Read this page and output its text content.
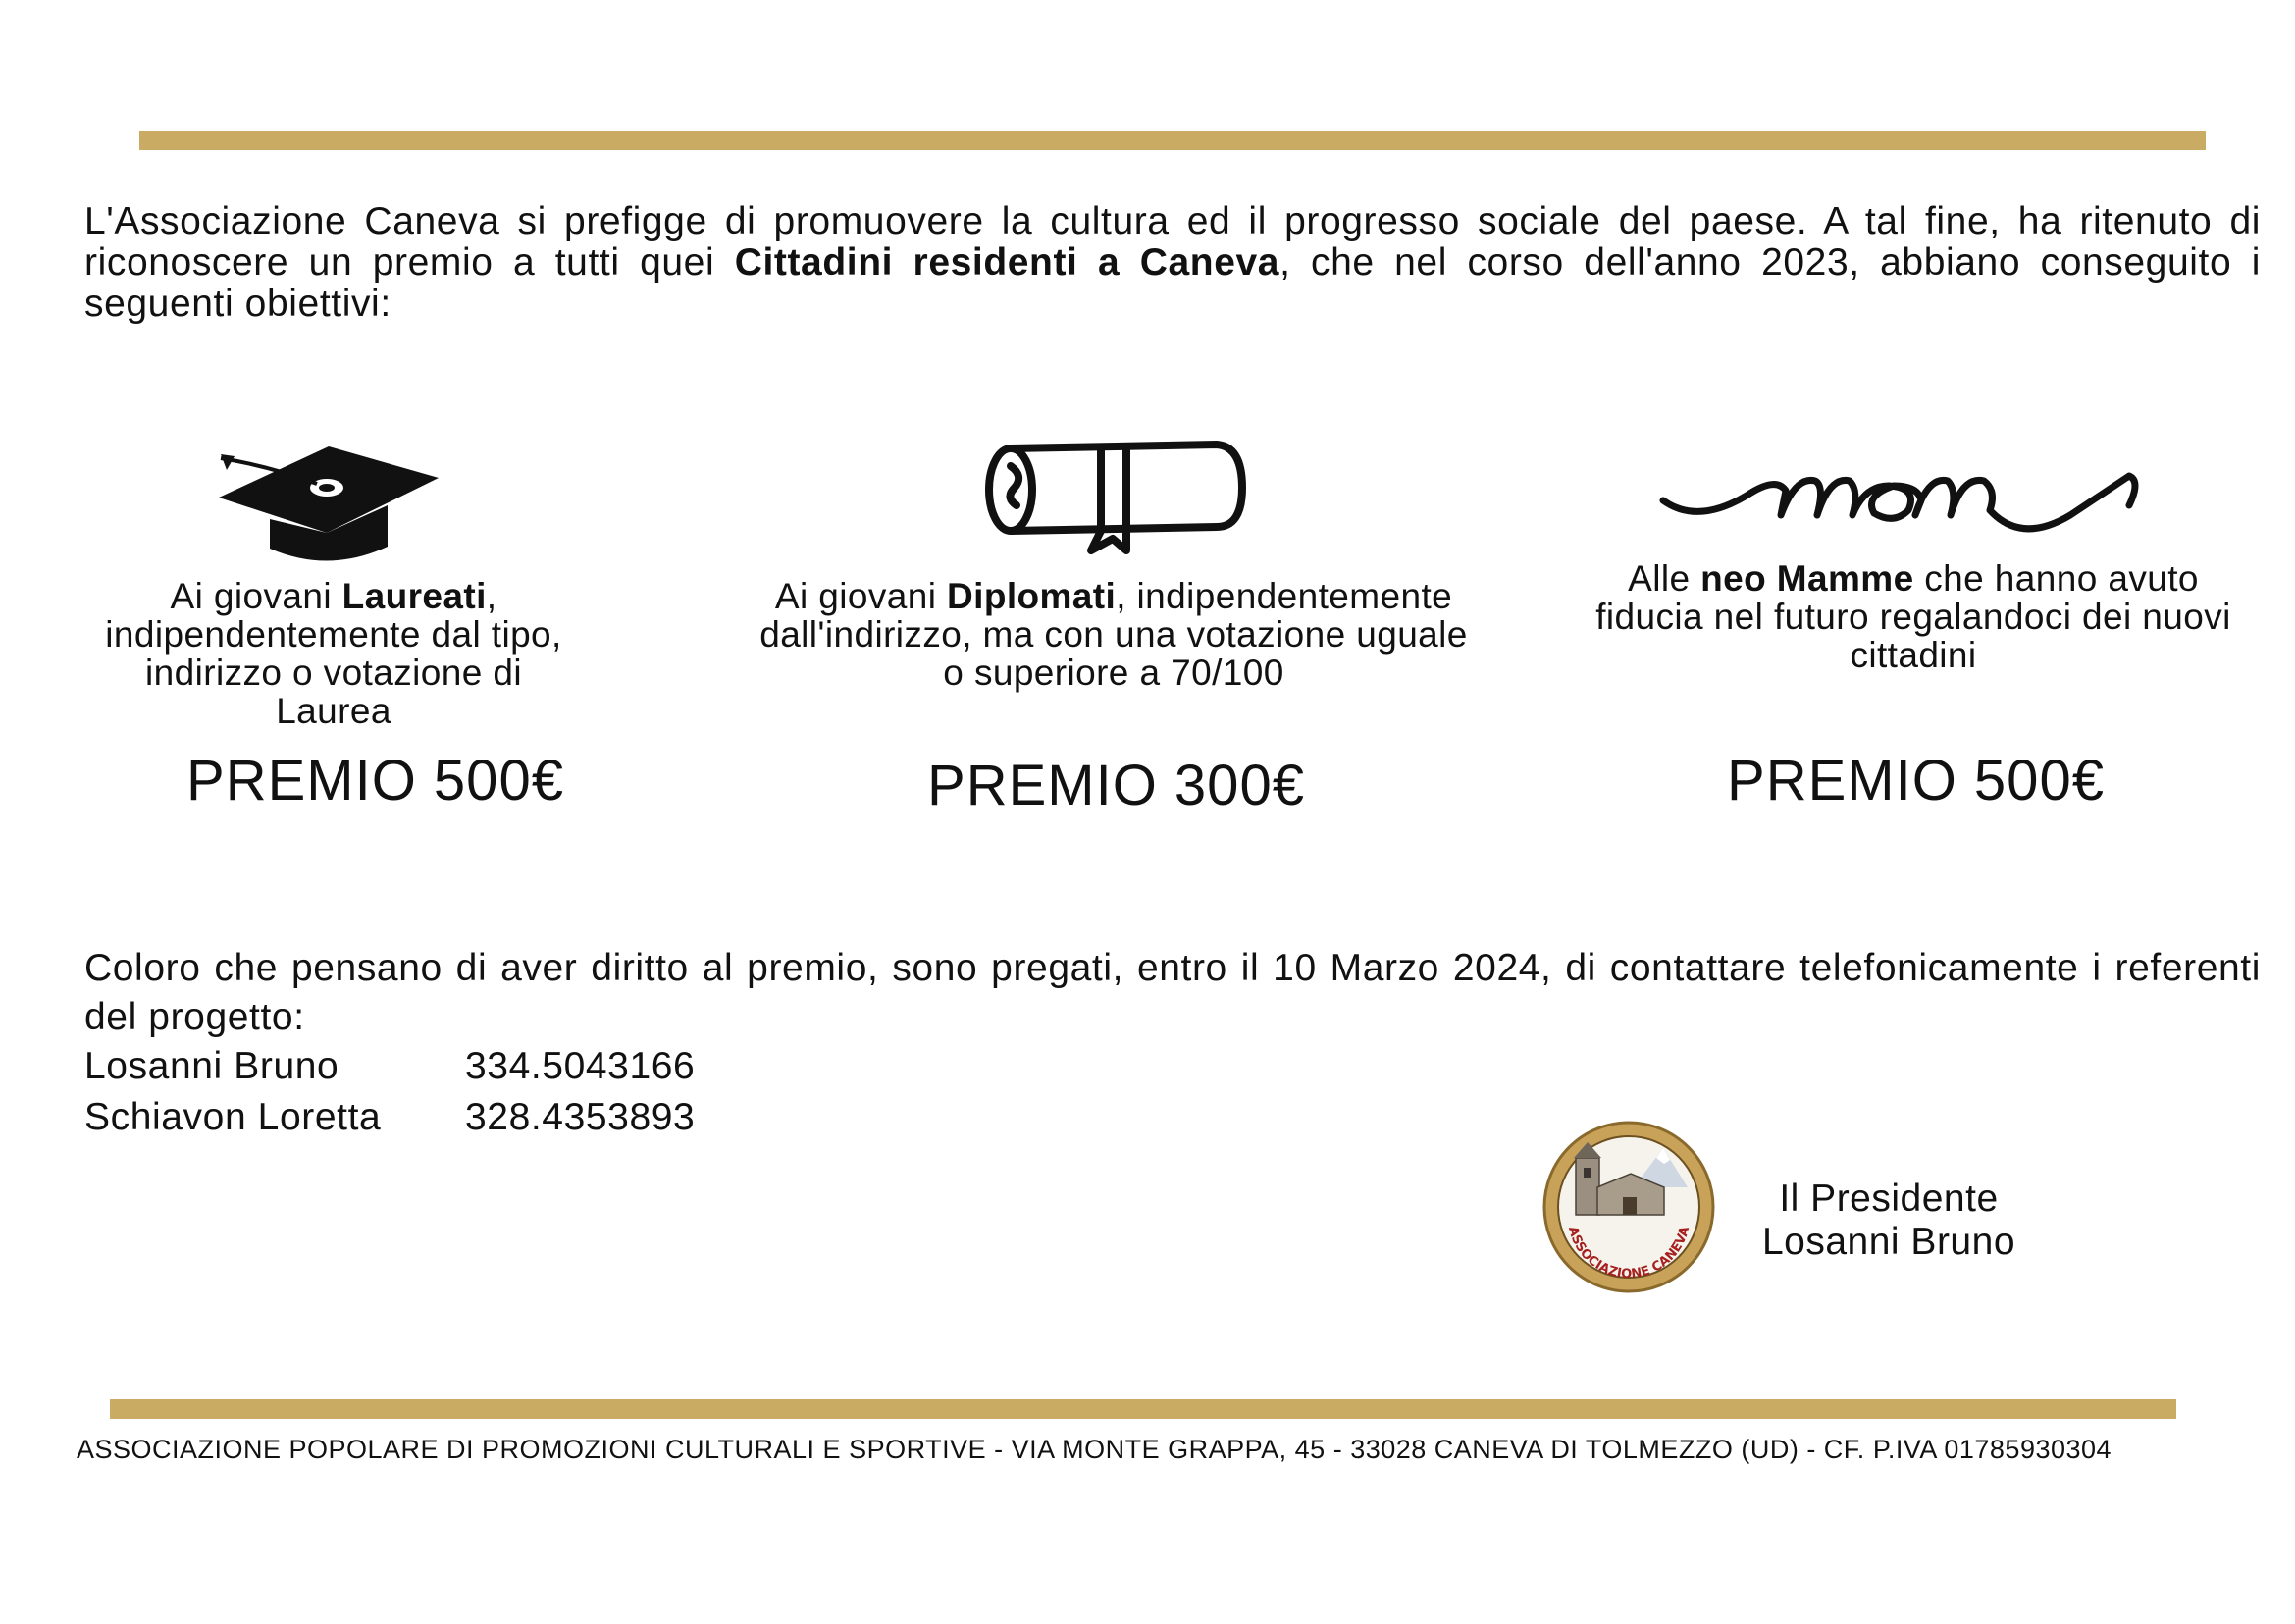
L'Associazione Caneva si prefigge di promuovere la cultura ed il progresso sociale del paese. A tal fine, ha ritenuto di riconoscere un premio a tutti quei Cittadini residenti a Caneva, che nel corso dell'anno 2023, abbiano conseguito i seguenti obiettivi:

Ai giovani Laureati, indipendentemente dal tipo, indirizzo o votazione di Laurea
PREMIO 500€
Ai giovani Diplomati, indipendentemente dall'indirizzo, ma con una votazione uguale o superiore a 70/100
PREMIO 300€
Alle neo Mamme che hanno avuto fiducia nel futuro regalandoci dei nuovi cittadini
PREMIO 500€

Coloro che pensano di aver diritto al premio, sono pregati, entro il 10 Marzo 2024, di contattare telefonicamente i referenti del progetto:

Losanni Bruno	334.5043166
Schiavon Loretta 328.4353893
ASSOCIAZIONE CANEVA
Il Presidente
Losanni Bruno
ASSOCIAZIONE POPOLARE DI PROMOZIONI CULTURALI E SPORTIVE - VIA MONTE GRAPPA, 45 - 33028 CANEVA DI TOLMEZZO (UD) - CF. P.IVA 01785930304
